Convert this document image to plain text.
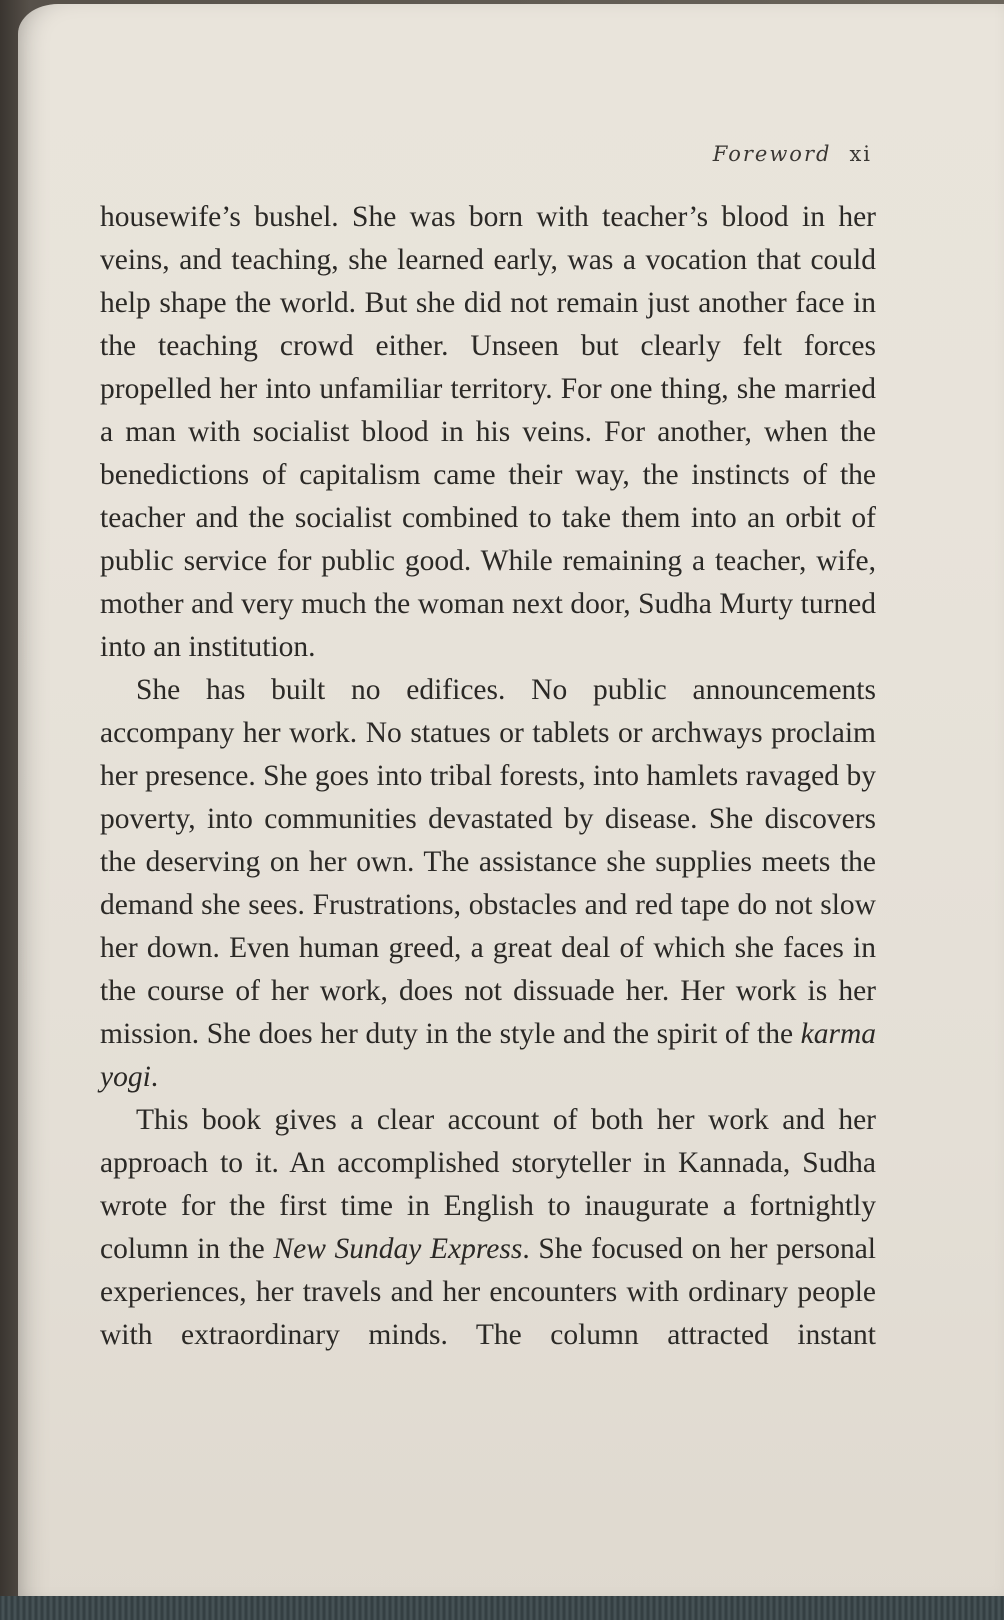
Foreword xi

housewife’s bushel. She was born with teacher’s blood in her veins, and teaching, she learned early, was a vocation that could help shape the world. But she did not remain just another face in the teaching crowd either. Unseen but clearly felt forces propelled her into unfamiliar territory. For one thing, she married a man with socialist blood in his veins. For another, when the benedictions of capitalism came their way, the instincts of the teacher and the socialist combined to take them into an orbit of public service for public good. While remaining a teacher, wife, mother and very much the woman next door, Sudha Murty turned into an institution.

She has built no edifices. No public announcements accompany her work. No statues or tablets or archways proclaim her presence. She goes into tribal forests, into hamlets ravaged by poverty, into communities devastated by disease. She discovers the deserving on her own. The assistance she supplies meets the demand she sees. Frustrations, obstacles and red tape do not slow her down. Even human greed, a great deal of which she faces in the course of her work, does not dissuade her. Her work is her mission. She does her duty in the style and the spirit of the karma yogi.

This book gives a clear account of both her work and her approach to it. An accomplished storyteller in Kannada, Sudha wrote for the first time in English to inaugurate a fortnightly column in the New Sunday Express. She focused on her personal experiences, her travels and her encounters with ordinary people with extraordinary minds. The column attracted instant
